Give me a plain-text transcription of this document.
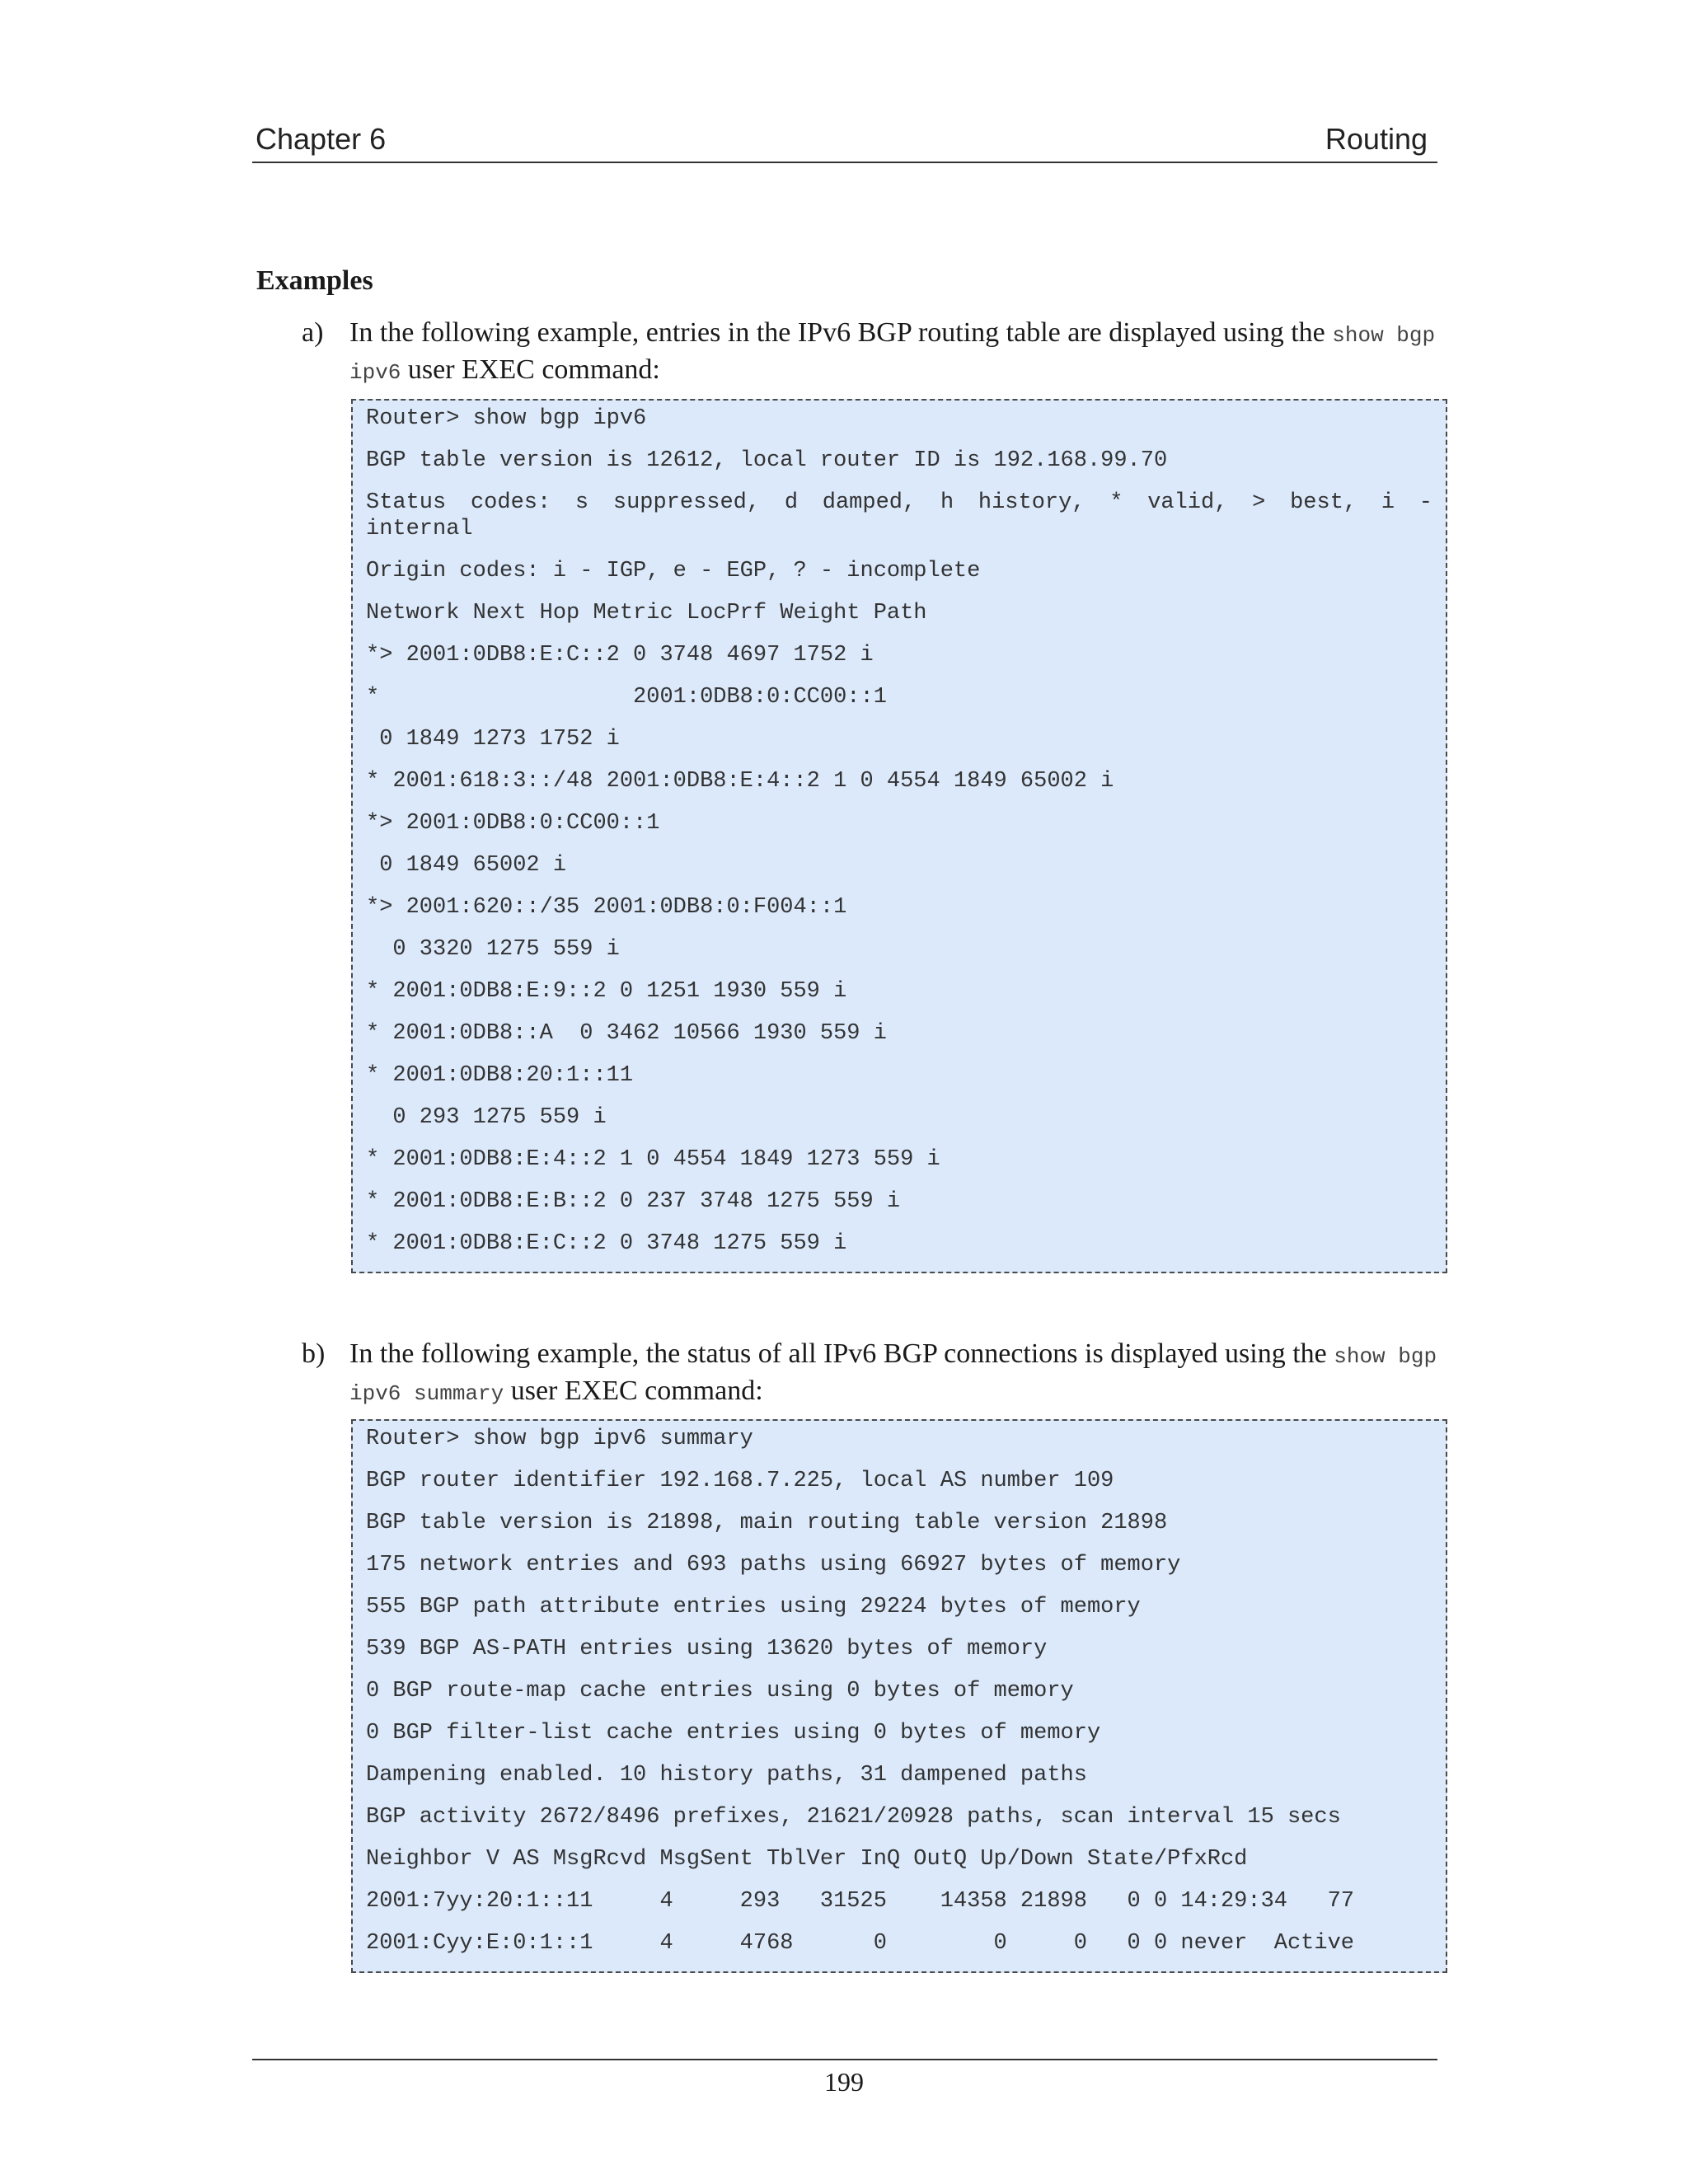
Chapter 6	Routing
Examples
a) In the following example, entries in the IPv6 BGP routing table are displayed using the show bgp ipv6 user EXEC command:
Router> show bgp ipv6
BGP table version is 12612, local router ID is 192.168.99.70
Status codes: s suppressed, d damped, h history, * valid, > best, i - internal
Origin codes: i - IGP, e - EGP, ? - incomplete
Network Next Hop Metric LocPrf Weight Path
*> 2001:0DB8:E:C::2 0 3748 4697 1752 i
*                   2001:0DB8:0:CC00::1
0 1849 1273 1752 i
* 2001:618:3::/48 2001:0DB8:E:4::2 1 0 4554 1849 65002 i
*> 2001:0DB8:0:CC00::1
0 1849 65002 i
*> 2001:620::/35 2001:0DB8:0:F004::1
0 3320 1275 559 i
* 2001:0DB8:E:9::2 0 1251 1930 559 i
* 2001:0DB8::A  0 3462 10566 1930 559 i
* 2001:0DB8:20:1::11
0 293 1275 559 i
* 2001:0DB8:E:4::2 1 0 4554 1849 1273 559 i
* 2001:0DB8:E:B::2 0 237 3748 1275 559 i
* 2001:0DB8:E:C::2 0 3748 1275 559 i
b) In the following example, the status of all IPv6 BGP connections is displayed using the show bgp ipv6 summary user EXEC command:
Router> show bgp ipv6 summary
BGP router identifier 192.168.7.225, local AS number 109
BGP table version is 21898, main routing table version 21898
175 network entries and 693 paths using 66927 bytes of memory
555 BGP path attribute entries using 29224 bytes of memory
539 BGP AS-PATH entries using 13620 bytes of memory
0 BGP route-map cache entries using 0 bytes of memory
0 BGP filter-list cache entries using 0 bytes of memory
Dampening enabled. 10 history paths, 31 dampened paths
BGP activity 2672/8496 prefixes, 21621/20928 paths, scan interval 15 secs
Neighbor V AS MsgRcvd MsgSent TblVer InQ OutQ Up/Down State/PfxRcd
2001:7yy:20:1::11     4     293   31525    14358 21898   0 0 14:29:34   77
2001:Cyy:E:0:1::1     4     4768      0        0     0   0 0 never  Active
199
